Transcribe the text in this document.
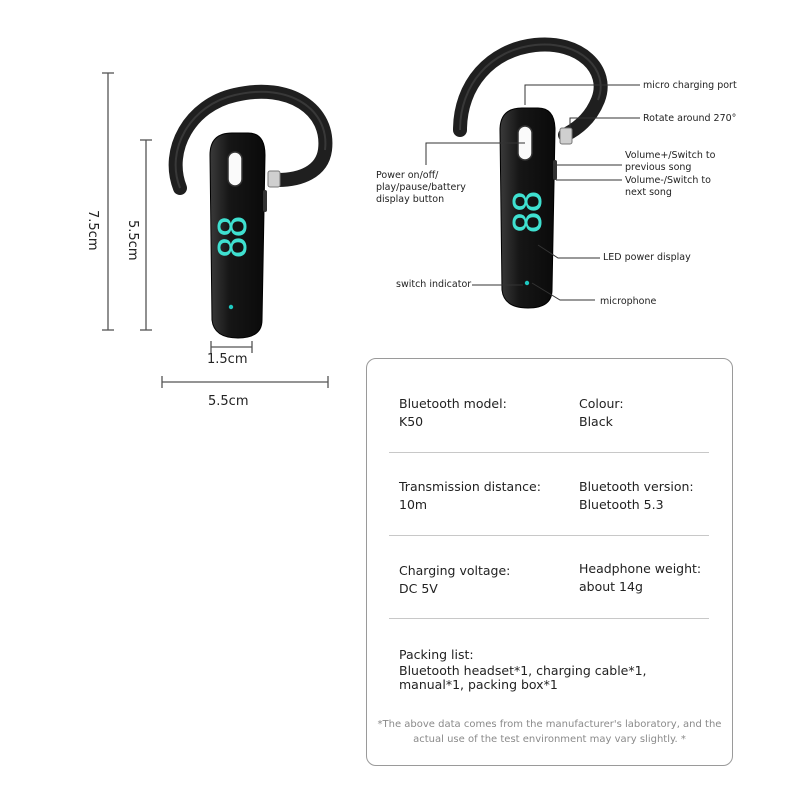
88
7.5cm 5.5cm
1.5cm
5.5cm
88
micro charging port
Rotate around 270°
Power on/off/
play/pause/battery
display button
Volume+/Switch to
previous song
Volume-/Switch to
next song
LED power display
switch indicator
microphone
Bluetooth model:
K50
Colour:
Black
Transmission distance:
10m
Bluetooth version:
Bluetooth 5.3
Charging voltage:
DC 5V
Headphone weight:
about 14g
Packing list:
Bluetooth headset*1, charging cable*1, manual*1, packing box*1
*The above data comes from the manufacturer's laboratory, and the actual use of the test environment may vary slightly. *
